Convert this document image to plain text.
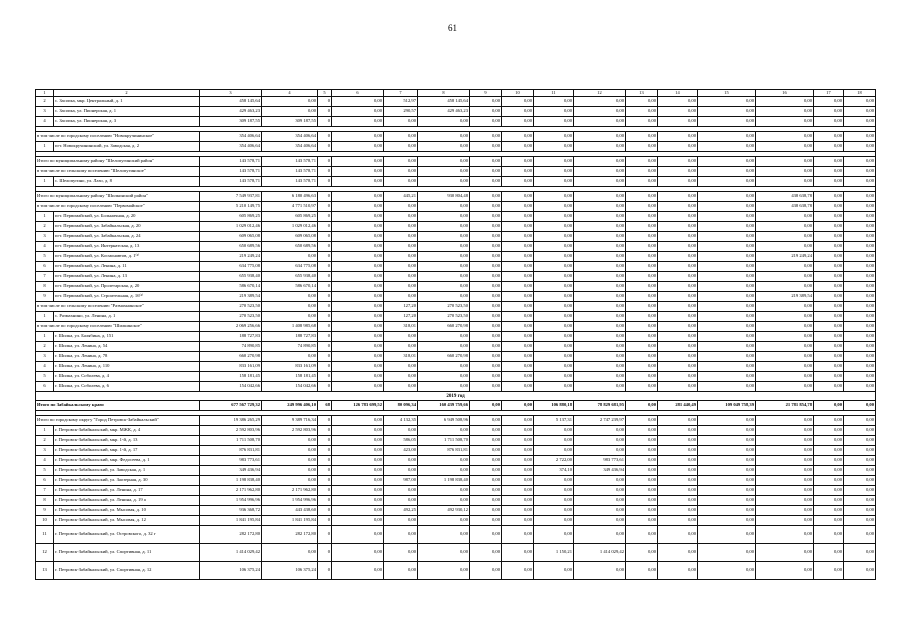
61
1	2	3	4	5	6	7	8	9	10	11	12	13	14	15	16	17	18
2	с. Засопка, мкр. Центральный, д. 1	458 145,64	0,00	0	0,00	512,97	458 145,64	0,00	0,00	0,00	0,00	0,00	0,00	0,00	0,00	0,00	0,00
3	с. Засопка, ул. Пионерская, д. 1	429 463,23	0,00	0	0,00	290,57	429 463,23	0,00	0,00	0,00	0,00	0,00	0,00	0,00	0,00	0,00	0,00
4	с. Засопка, ул. Пионерская, д. 3	309 187,55	309 187,55	0	0,00	0,00	0,00	0,00	0,00	0,00	0,00	0,00	0,00	0,00	0,00	0,00	0,00

в том числе по городскому поселению "Новокручининское"		354 406,64	354 406,64	0	0,00	0,00	0,00	0,00	0,00	0,00	0,00	0,00	0,00	0,00	0,00	0,00	0,00
1	пгт. Новокручининский, ул. Заводская, д. 2	354 406,64	354 406,64	0	0,00	0,00	0,00	0,00	0,00	0,00	0,00	0,00	0,00	0,00	0,00	0,00	0,00

Итого по муниципальному району "Шелопугинский район"		143 578,71	143 578,71	0	0,00	0,00	0,00	0,00	0,00	0,00	0,00	0,00	0,00	0,00	0,00	0,00	0,00
в том числе по сельскому поселению "Шелопугинское"		143 578,71	143 578,71	0	0,00	0,00	0,00	0,00	0,00	0,00	0,00	0,00	0,00	0,00	0,00	0,00	0,00
1	с. Шелопугино, ул. Лазо, д. 8	143 578,71	143 578,71	0	0,00	0,00	0,00	0,00	0,00	0,00	0,00	0,00	0,00	0,00	0,00	0,00	0,00

Итого по муниципальному району "Шилкинский район"		7 549 937,81	6 180 496,63	0	0,00	445,21	930 804,48	0,00	0,00	0,00	0,00	0,00	0,00	0,00	438 638,78	0,00	0,00
в том числе по городскому поселению "Первомайское"		5 210 149,75	4 771 510,97	0	0,00	0,00	0,00	0,00	0,00	0,00	0,00	0,00	0,00	0,00	438 638,78	0,00	0,00
1	пгт. Первомайский, ул. Больничная, д. 20	605 869,25	605 869,25	0	0,00	0,00	0,00	0,00	0,00	0,00	0,00	0,00	0,00	0,00	0,00	0,00	0,00
2	пгт. Первомайский, ул. Забайкальская, д. 20	1 029 012,46	1 029 012,46	0	0,00	0,00	0,00	0,00	0,00	0,00	0,00	0,00	0,00	0,00	0,00	0,00	0,00
3	пгт. Первомайский, ул. Забайкальская, д. 24	609 065,08	609 065,08	0	0,00	0,00	0,00	0,00	0,00	0,00	0,00	0,00	0,00	0,00	0,00	0,00	0,00
4	пгт. Первомайский, ул. Интернатская, д. 13	650 689,56	650 689,56	0	0,00	0,00	0,00	0,00	0,00	0,00	0,00	0,00	0,00	0,00	0,00	0,00	0,00
5	пгт. Первомайский, ул. Космонавтов, д. 1⁽²⁾	219 249,24	0,00	0	0,00	0,00	0,00	0,00	0,00	0,00	0,00	0,00	0,00	0,00	219 249,24	0,00	0,00
6	пгт. Первомайский, ул. Ленина, д. 11	634 775,08	634 775,08	0	0,00	0,00	0,00	0,00	0,00	0,00	0,00	0,00	0,00	0,00	0,00	0,00	0,00
7	пгт. Первомайский, ул. Ленина, д. 13	655 938,40	655 938,40	0	0,00	0,00	0,00	0,00	0,00	0,00	0,00	0,00	0,00	0,00	0,00	0,00	0,00
8	пгт. Первомайский, ул. Пролетарская, д. 20	586 670,14	586 670,14	0	0,00	0,00	0,00	0,00	0,00	0,00	0,00	0,00	0,00	0,00	0,00	0,00	0,00
9	пгт. Первомайский, ул. Строительная, д. 16⁽²⁾	219 389,54	0,00	0	0,00	0,00	0,00	0,00	0,00	0,00	0,00	0,00	0,00	0,00	219 389,54	0,00	0,00
в том числе по сельскому поселению "Размахнинское"		270 523,50	0,00	0	0,00	127,20	270 523,50	0,00	0,00	0,00	0,00	0,00	0,00	0,00	0,00	0,00	0,00
1	с. Размахнино, ул. Ленина, д. 1	270 523,50	0,00	0	0,00	127,20	270 523,50	0,00	0,00	0,00	0,00	0,00	0,00	0,00	0,00	0,00	0,00
в том числе по городскому поселению "Шилкинское"		2 069 256,66	1 408 985,68	0	0,00	318,01	660 270,98	0,00	0,00	0,00	0,00	0,00	0,00	0,00	0,00	0,00	0,00
1	г. Шилка, ул. Балябина, д. 151	188 727,83	188 727,83	0	0,00	0,00	0,00	0,00	0,00	0,00	0,00	0,00	0,00	0,00	0,00	0,00	0,00
2	г. Шилка, ул. Ленина, д. 54	74 890,85	74 890,85	0	0,00	0,00	0,00	0,00	0,00	0,00	0,00	0,00	0,00	0,00	0,00	0,00	0,00
3	г. Шилка, ул. Ленина, д. 78	660 270,98	0,00	0	0,00	318,01	660 270,98	0,00	0,00	0,00	0,00	0,00	0,00	0,00	0,00	0,00	0,00
4	г. Шилка, ул. Ленина, д. 110	833 161,09	833 161,09	0	0,00	0,00	0,00	0,00	0,00	0,00	0,00	0,00	0,00	0,00	0,00	0,00	0,00
5	г. Шилка, ул. Соболева, д. 4	158 181,45	158 181,45	0	0,00	0,00	0,00	0,00	0,00	0,00	0,00	0,00	0,00	0,00	0,00	0,00	0,00
6	г. Шилка, ул. Соболева, д. 6	154 042,66	154 042,66	0	0,00	0,00	0,00	0,00	0,00	0,00	0,00	0,00	0,00	0,00	0,00	0,00	0,00
2019 год																	
Итого по Забайкальскому краю:		677 567 729,32	249 996 406,10	68	126 783 699,52	80 096,34	160 439 759,66	0,00	0,00	106 880,18	78 829 681,95	0,00	281 440,49	109 049 758,39	21 781 854,78	0,00	0,00

Итого по городскому округу "Город Петровск-Забайкальский"		19 386 265,29	9 389 716,34	0	0,00	4 132,35	6 949 508,96	0,00	0,00	5 137,31	2 747 239,97	0,00	0,00	0,00	0,00	0,00	0,00
1	г. Петровск-Забайкальский, мкр. МЖК, д. 4	2 592 803,96	2 592 803,96	0	0,00	0,00	0,00	0,00	0,00	0,00	0,00	0,00	0,00	0,00	0,00	0,00	0,00
2	г. Петровск-Забайкальский, мкр. 1-й, д. 13	1 711 508,70	0,00	0	0,00	586,05	1 711 508,70	0,00	0,00	0,00	0,00	0,00	0,00	0,00	0,00	0,00	0,00
3	г. Петровск-Забайкальский, мкр. 1-й, д. 17	876 831,81	0,00	0	0,00	423,00	876 831,81	0,00	0,00	0,00	0,00	0,00	0,00	0,00	0,00	0,00	0,00
4	г. Петровск-Забайкальский, мкр. Федосеева, д. 1	983 773,61	0,00	0	0,00	0,00	0,00	0,00	0,00	2 722,00	983 773,61	0,00	0,00	0,00	0,00	0,00	0,00
5	г. Петровск-Забайкальский, ул. Заводская, д. 1	349 436,94	0,00	0	0,00	0,00	0,00	0,00	0,00	374,10	349 436,94	0,00	0,00	0,00	0,00	0,00	0,00
6	г. Петровск-Забайкальский, ул. Заозерная, д. 30	1 198 838,40	0,00	0	0,00	987,00	1 198 838,40	0,00	0,00	0,00	0,00	0,00	0,00	0,00	0,00	0,00	0,00
7	г. Петровск-Забайкальский, ул. Ленина, д. 17	2 171 962,80	2 171 962,80	0	0,00	0,00	0,00	0,00	0,00	0,00	0,00	0,00	0,00	0,00	0,00	0,00	0,00
8	г. Петровск-Забайкальский, ул. Ленина, д. 19 а	1 954 996,96	1 954 996,96	0	0,00	0,00	0,00	0,00	0,00	0,00	0,00	0,00	0,00	0,00	0,00	0,00	0,00
9	г. Петровск-Забайкальский, ул. Мысовая, д. 10	936 368,72	443 438,60	0	0,00	492,25	492 930,12	0,00	0,00	0,00	0,00	0,00	0,00	0,00	0,00	0,00	0,00
10	г. Петровск-Забайкальский, ул. Мысовая, д. 12	1 841 195,84	1 841 195,84	0	0,00	0,00	0,00	0,00	0,00	0,00	0,00	0,00	0,00	0,00	0,00	0,00	0,00
11	г. Петровск-Забайкальский, ул. Островского, д. 32 г	282 172,80	282 172,80	0	0,00	0,00	0,00	0,00	0,00	0,00	0,00	0,00	0,00	0,00	0,00	0,00	0,00
12	г. Петровск-Забайкальский, ул. Спортивная, д. 11	1 414 029,42	0,00	0	0,00	0,00	0,00	0,00	0,00	1 150,21	1 414 029,42	0,00	0,00	0,00	0,00	0,00	0,00
13	г. Петровск-Забайкальский, ул. Спортивная, д. 12	106 375,24	106 375,24	0	0,00	0,00	0,00	0,00	0,00	0,00	0,00	0,00	0,00	0,00	0,00	0,00	0,00
